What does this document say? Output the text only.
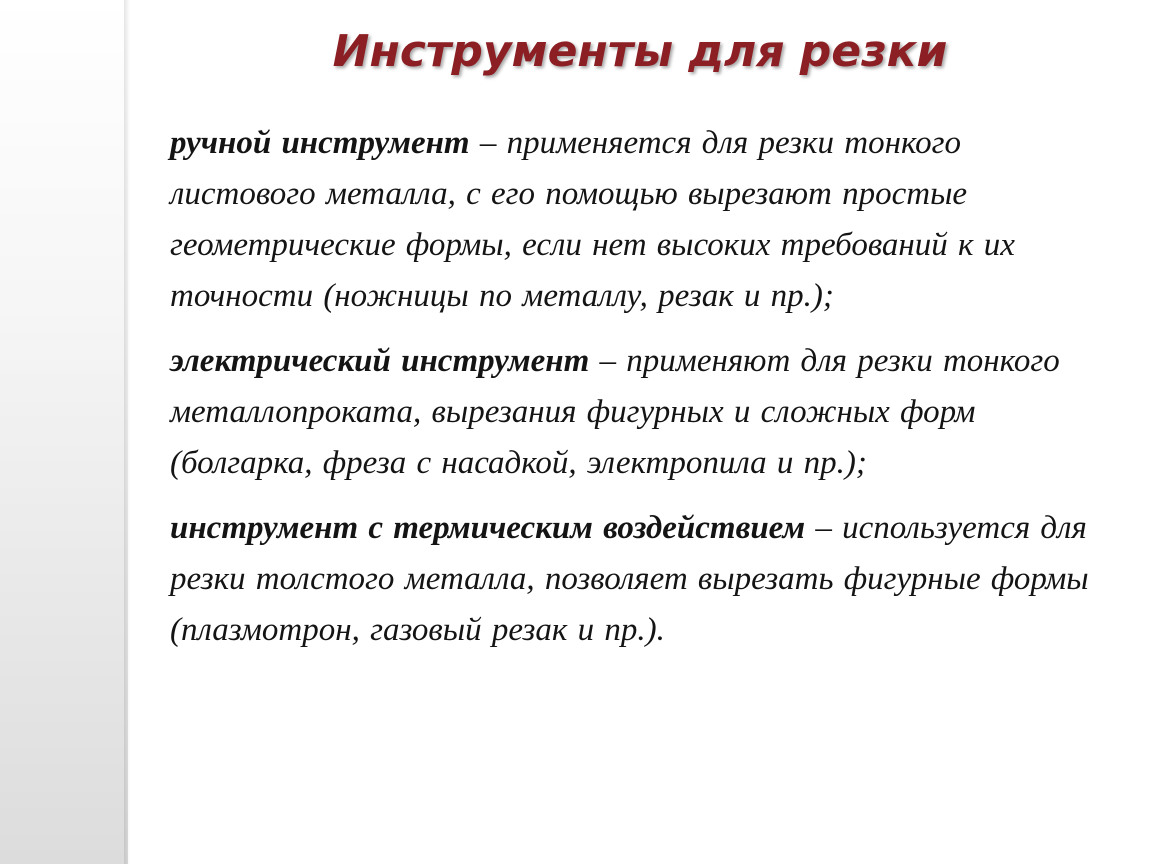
Инструменты для резки

ручной инструмент – применяется для резки тонкого листового металла, с его помощью вырезают простые геометрические формы, если нет высоких требований к их точности (ножницы по металлу, резак и пр.);

электрический инструмент – применяют для резки тонкого металлопроката, вырезания фигурных и сложных форм (болгарка, фреза с насадкой, электропила и пр.);

инструмент с термическим воздействием – используется для резки толстого металла, позволяет вырезать фигурные формы (плазмотрон, газовый резак и пр.).
